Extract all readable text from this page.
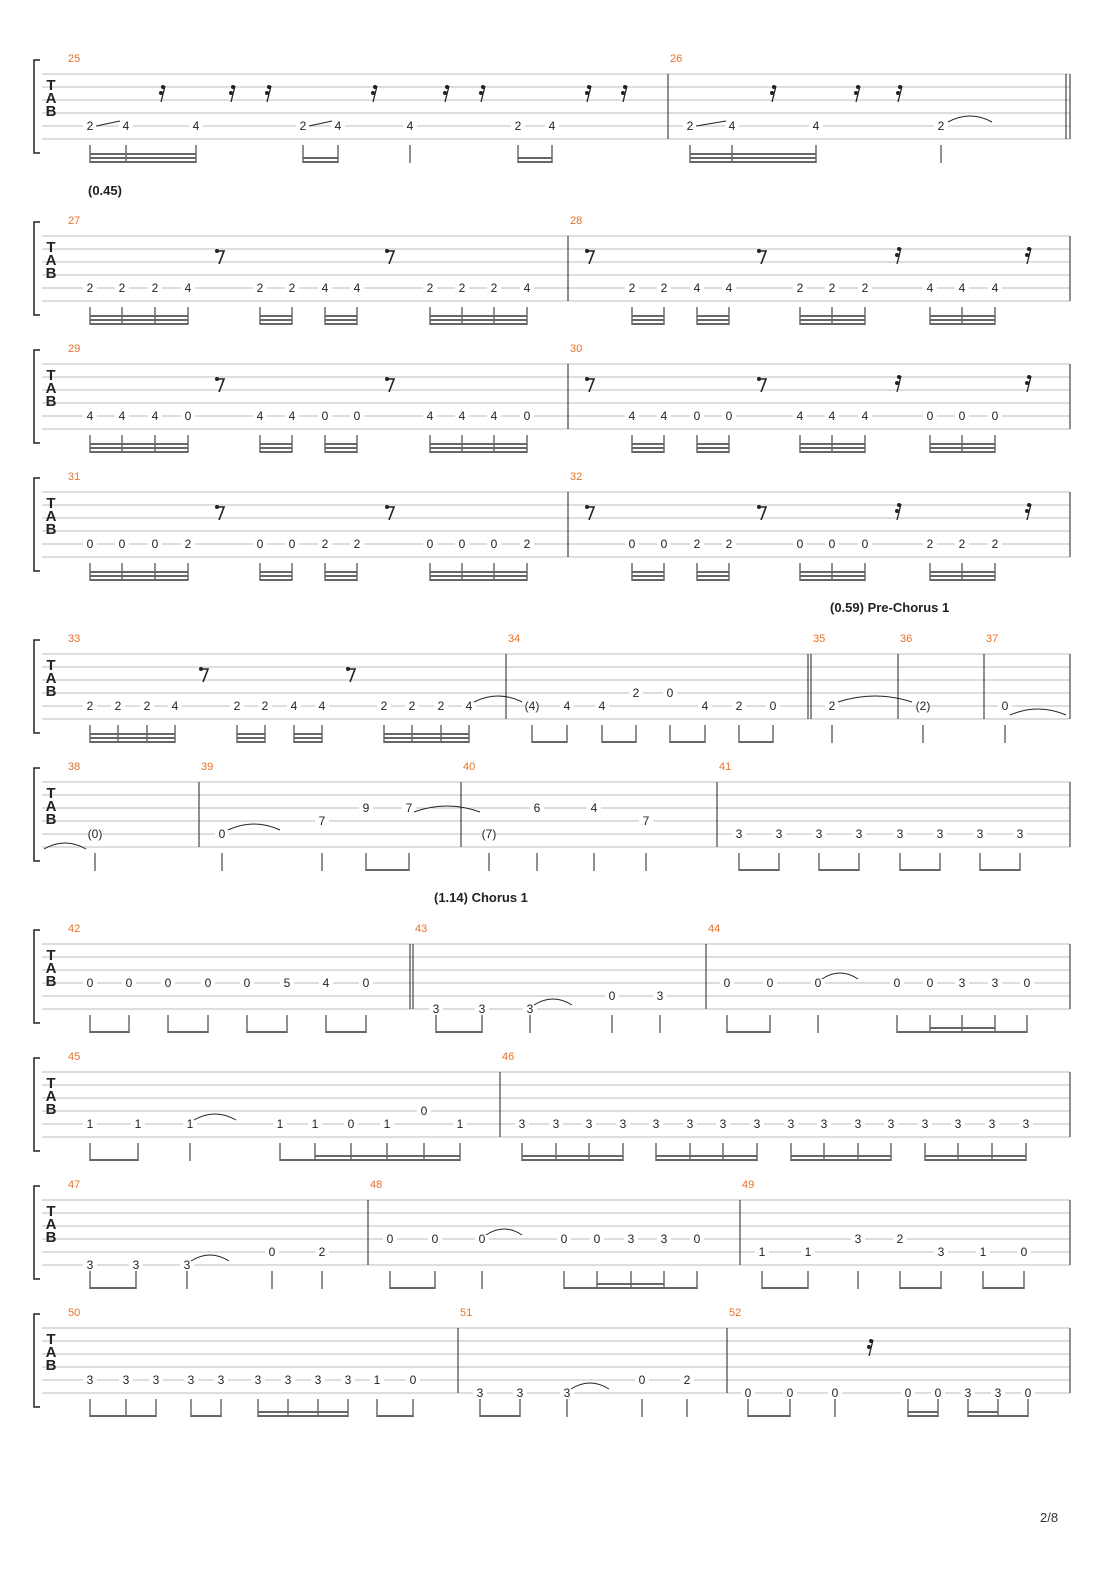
T
A
B
25
2 4	4	2 4	4	2 4
26
2	4	4	2
(0.45)
T
A
B
27
2 2 2 4	2 2 4 4	2 2 2 4
28
2 2 4 4	2 2 2	4 4 4
T
A
B
29
4 4 4 0	4 4 0 0	4 4 4 0
30
4 4 0 0	4 4 4	0 0 0
T
A
B
31
0 0 0 2	0 0 2 2	0 0 0 2
32
0 0 2 2	0 0 0	2 2 2
(0.59) Pre-Chorus 1
T
A
B
33
2 2 2 4	2 2 4 4	2 2 2 4
34
(4) 4 4
2 0
4 2 0
35
2
36
(2)
37
0
T
A
B
38
(0)
39
0
7
9	7
40
(7)
6	4
7
41
3	3	3	3	3	3	3	3
(1.14) Chorus 1
T
A
B
42
0	0	0	0	0	5	4	0
43
3	3	3
0	3
44
0	0	0	0 0 3 3 0
T
A
B
45
1	1	1	1 1 0 1
0
1
46
3 3 3 3 3 3 3 3 3 3 3 3 3 3 3 3
T
A
B
47
3	3	3
0	2
48
0	0	0	0 0 3 3 0
49
1	1
3	2
3	1	0
T
A
B
50
3 3 3 3 3	3 3 3 3 1 0
51
3	3	3
0	2
52
0	0	0	0 0 3 3 0
2/8
